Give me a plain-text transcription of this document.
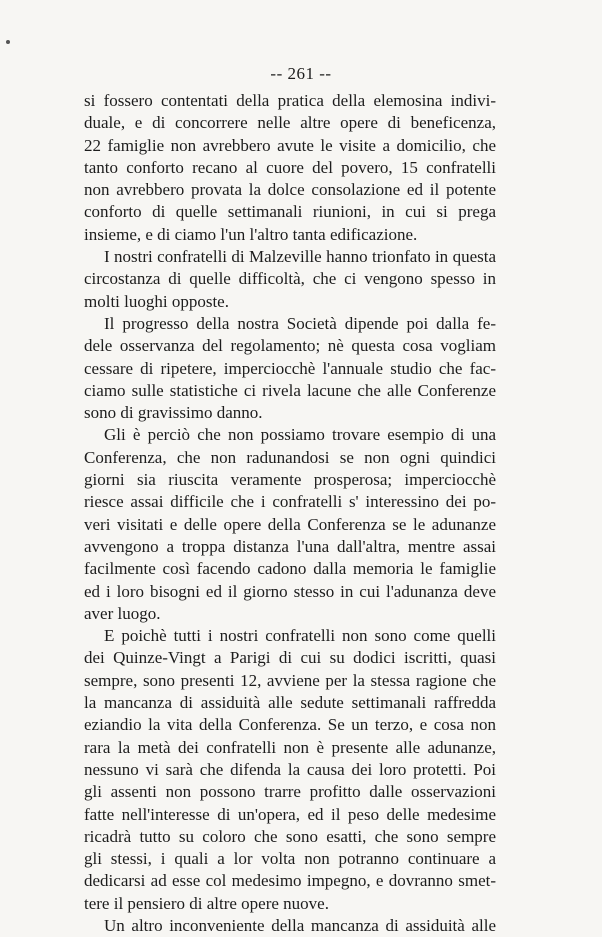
-- 261 --
si fossero contentati della pratica della elemosina indivi-
duale, e di concorrere nelle altre opere di beneficenza,
22 famiglie non avrebbero avute le visite a domicilio, che
tanto conforto recano al cuore del povero, 15 confratelli
non avrebbero provata la dolce consolazione ed il potente
conforto di quelle settimanali riunioni, in cui si prega
insieme, e di ciamo l'un l'altro tanta edificazione.
I nostri confratelli di Malzeville hanno trionfato in questa
circostanza di quelle difficoltà, che ci vengono spesso in
molti luoghi opposte.
Il progresso della nostra Società dipende poi dalla fe-
dele osservanza del regolamento; nè questa cosa vogliam
cessare di ripetere, imperciocchè l'annuale studio che fac-
ciamo sulle statistiche ci rivela lacune che alle Conferenze
sono di gravissimo danno.
Gli è perciò che non possiamo trovare esempio di una
Conferenza, che non radunandosi se non ogni quindici
giorni sia riuscita veramente prosperosa; imperciocchè
riesce assai difficile che i confratelli s' interessino dei po-
veri visitati e delle opere della Conferenza se le adunanze
avvengono a troppa distanza l'una dall'altra, mentre assai
facilmente così facendo cadono dalla memoria le famiglie
ed i loro bisogni ed il giorno stesso in cui l'adunanza deve
aver luogo.
E poichè tutti i nostri confratelli non sono come quelli
dei Quinze-Vingt a Parigi di cui su dodici iscritti, quasi
sempre, sono presenti 12, avviene per la stessa ragione che
la mancanza di assiduità alle sedute settimanali raffredda
eziandio la vita della Conferenza. Se un terzo, e cosa non
rara la metà dei confratelli non è presente alle adunanze,
nessuno vi sarà che difenda la causa dei loro protetti. Poi
gli assenti non possono trarre profitto dalle osservazioni
fatte nell'interesse di un'opera, ed il peso delle medesime
ricadrà tutto su coloro che sono esatti, che sono sempre
gli stessi, i quali a lor volta non potranno continuare a
dedicarsi ad esse col medesimo impegno, e dovranno smet-
tere il pensiero di altre opere nuove.
Un altro inconveniente della mancanza di assiduità alle
